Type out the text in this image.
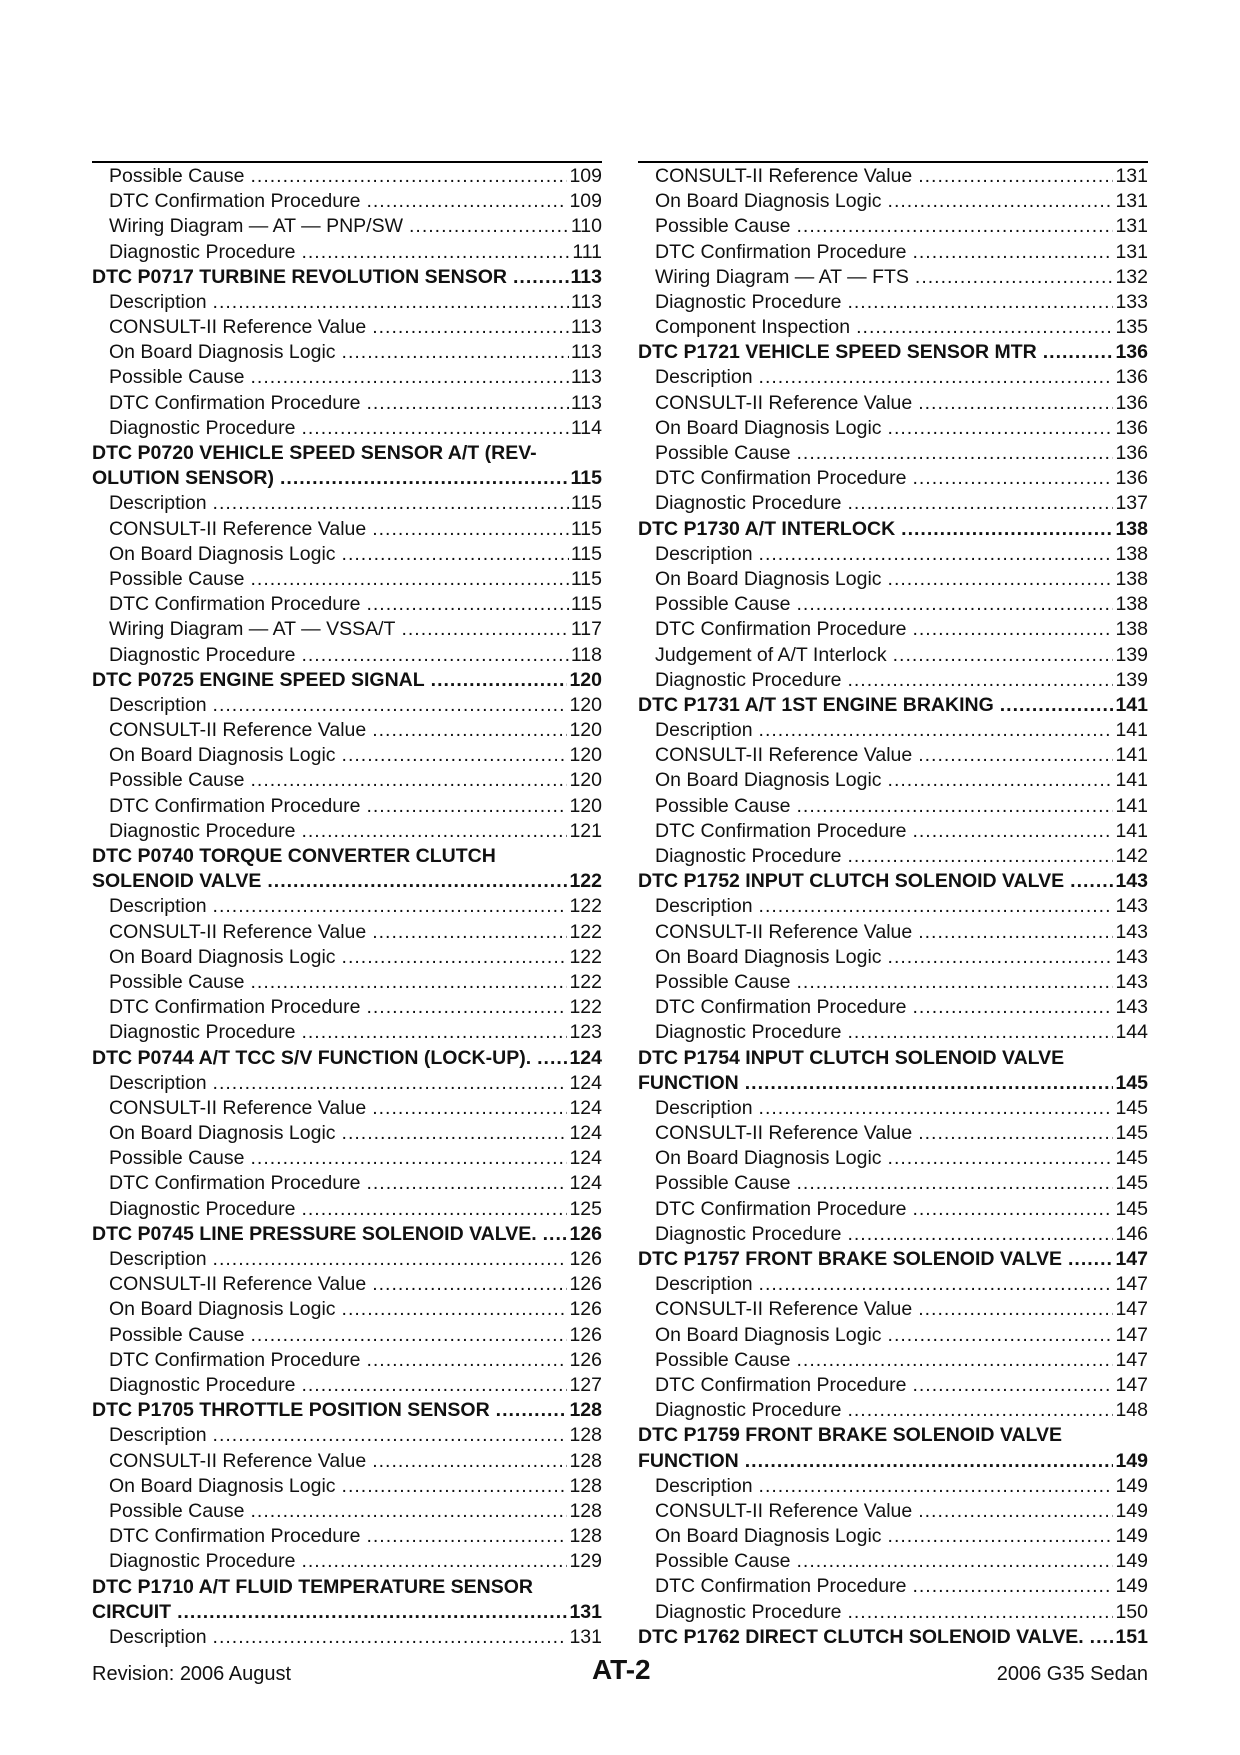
Possible Cause .....	109
DTC Confirmation Procedure .....	109
Wiring Diagram — AT — PNP/SW .....	110
Diagnostic Procedure .....	111
DTC P0717 TURBINE REVOLUTION SENSOR .....	113
Description .....	113
CONSULT-II Reference Value .....	113
On Board Diagnosis Logic .....	113
Possible Cause .....	113
DTC Confirmation Procedure .....	113
Diagnostic Procedure .....	114
DTC P0720 VEHICLE SPEED SENSOR A/T (REV-
OLUTION SENSOR) .....	115
Description .....	115
CONSULT-II Reference Value .....	115
On Board Diagnosis Logic .....	115
Possible Cause .....	115
DTC Confirmation Procedure .....	115
Wiring Diagram — AT — VSSA/T .....	117
Diagnostic Procedure .....	118
DTC P0725 ENGINE SPEED SIGNAL .....	120
Description .....	120
CONSULT-II Reference Value .....	120
On Board Diagnosis Logic .....	120
Possible Cause .....	120
DTC Confirmation Procedure .....	120
Diagnostic Procedure .....	121
DTC P0740 TORQUE CONVERTER CLUTCH
SOLENOID VALVE .....	122
Description .....	122
CONSULT-II Reference Value .....	122
On Board Diagnosis Logic .....	122
Possible Cause .....	122
DTC Confirmation Procedure .....	122
Diagnostic Procedure .....	123
DTC P0744 A/T TCC S/V FUNCTION (LOCK-UP). .....	124
Description .....	124
CONSULT-II Reference Value .....	124
On Board Diagnosis Logic .....	124
Possible Cause .....	124
DTC Confirmation Procedure .....	124
Diagnostic Procedure .....	125
DTC P0745 LINE PRESSURE SOLENOID VALVE. .....	126
Description .....	126
CONSULT-II Reference Value .....	126
On Board Diagnosis Logic .....	126
Possible Cause .....	126
DTC Confirmation Procedure .....	126
Diagnostic Procedure .....	127
DTC P1705 THROTTLE POSITION SENSOR .....	128
Description .....	128
CONSULT-II Reference Value .....	128
On Board Diagnosis Logic .....	128
Possible Cause .....	128
DTC Confirmation Procedure .....	128
Diagnostic Procedure .....	129
DTC P1710 A/T FLUID TEMPERATURE SENSOR
CIRCUIT .....	131
Description .....	131
CONSULT-II Reference Value .....	131
On Board Diagnosis Logic .....	131
Possible Cause .....	131
DTC Confirmation Procedure .....	131
Wiring Diagram — AT — FTS .....	132
Diagnostic Procedure .....	133
Component Inspection .....	135
DTC P1721 VEHICLE SPEED SENSOR MTR .....	136
Description .....	136
CONSULT-II Reference Value .....	136
On Board Diagnosis Logic .....	136
Possible Cause .....	136
DTC Confirmation Procedure .....	136
Diagnostic Procedure .....	137
DTC P1730 A/T INTERLOCK .....	138
Description .....	138
On Board Diagnosis Logic .....	138
Possible Cause .....	138
DTC Confirmation Procedure .....	138
Judgement of A/T Interlock .....	139
Diagnostic Procedure .....	139
DTC P1731 A/T 1ST ENGINE BRAKING .....	141
Description .....	141
CONSULT-II Reference Value .....	141
On Board Diagnosis Logic .....	141
Possible Cause .....	141
DTC Confirmation Procedure .....	141
Diagnostic Procedure .....	142
DTC P1752 INPUT CLUTCH SOLENOID VALVE .....	143
Description .....	143
CONSULT-II Reference Value .....	143
On Board Diagnosis Logic .....	143
Possible Cause .....	143
DTC Confirmation Procedure .....	143
Diagnostic Procedure .....	144
DTC P1754 INPUT CLUTCH SOLENOID VALVE
FUNCTION .....	145
Description .....	145
CONSULT-II Reference Value .....	145
On Board Diagnosis Logic .....	145
Possible Cause .....	145
DTC Confirmation Procedure .....	145
Diagnostic Procedure .....	146
DTC P1757 FRONT BRAKE SOLENOID VALVE .....	147
Description .....	147
CONSULT-II Reference Value .....	147
On Board Diagnosis Logic .....	147
Possible Cause .....	147
DTC Confirmation Procedure .....	147
Diagnostic Procedure .....	148
DTC P1759 FRONT BRAKE SOLENOID VALVE
FUNCTION .....	149
Description .....	149
CONSULT-II Reference Value .....	149
On Board Diagnosis Logic .....	149
Possible Cause .....	149
DTC Confirmation Procedure .....	149
Diagnostic Procedure .....	150
DTC P1762 DIRECT CLUTCH SOLENOID VALVE. .....	151
Revision: 2006 August	AT-2	2006 G35 Sedan
